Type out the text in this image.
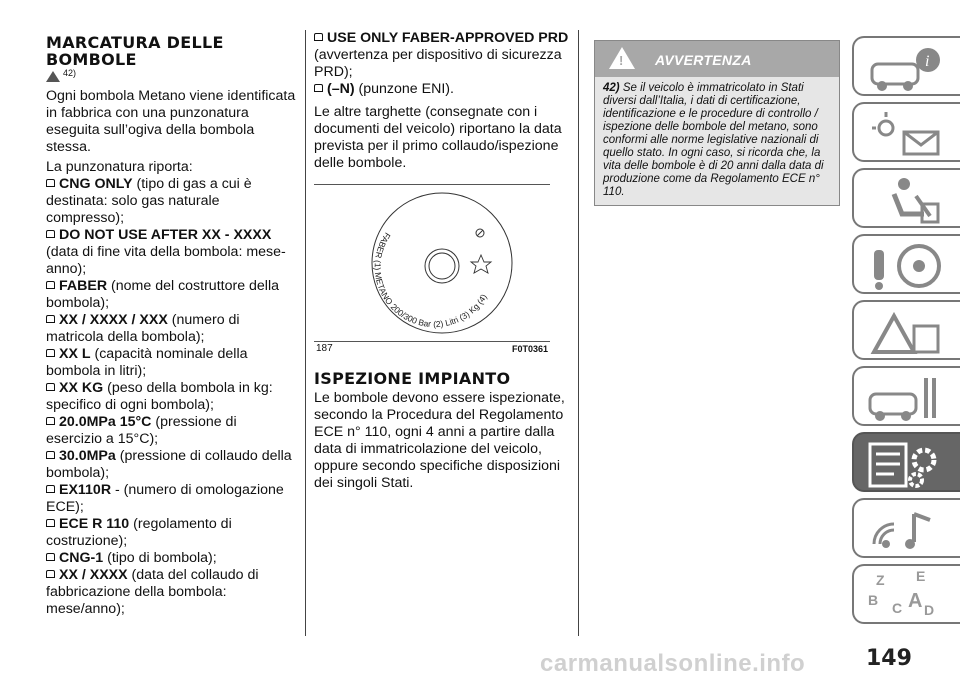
MARCATURA DELLE BOMBOLE
$^{42)}$

Ogni bombola Metano viene identificata in fabbrica con una punzonatura eseguita sull’ogiva della bombola stessa.

La punzonatura riporta:

CNG ONLY (tipo di gas a cui è destinata: solo gas naturale compresso);
DO NOT USE AFTER XX - XXXX (data di fine vita della bombola: mese-anno);
FABER (nome del costruttore della bombola);
XX / XXXX / XXX (numero di matricola della bombola);
XX L (capacità nominale della bombola in litri);
XX KG (peso della bombola in kg: specifico di ogni bombola);
20.0MPa 15°C (pressione di esercizio a 15°C);
30.0MPa (pressione di collaudo della bombola);
EX110R - (numero di omologazione ECE);
ECE R 110 (regolamento di costruzione);
CNG-1 (tipo di bombola);
XX / XXXX (data del collaudo di fabbricazione della bombola: mese/anno);
USE ONLY FABER-APPROVED PRD (avvertenza per dispositivo di sicurezza PRD);
(–N) (punzone ENI).

Le altre targhette (consegnate con i documenti del veicolo) riportano la data prevista per il primo collaudo/ispezione delle bombole.

FABER (1) METANO 200/300 Bar (2) Litri (3) Kg (4)
187	F0T0361
ISPEZIONE IMPIANTO

Le bombole devono essere ispezionate, secondo la Procedura del Regolamento ECE n° 110, ogni 4 anni a partire dalla data di immatricolazione del veicolo, oppure secondo specifiche disposizioni dei singoli Stati.

! AVVERTENZA
42) Se il veicolo è immatricolato in Stati diversi dall’Italia, i dati di certificazione, identificazione e le procedure di controllo / ispezione delle bombole del metano, sono conformi alle norme legislative nazionali di quello stato. In ogni caso, si ricorda che, la vita delle bombole è di 20 anni dalla data di produzione come da Regolamento ECE n° 110.
i
Z E
A
B C D
carmanualsonline.info	149
